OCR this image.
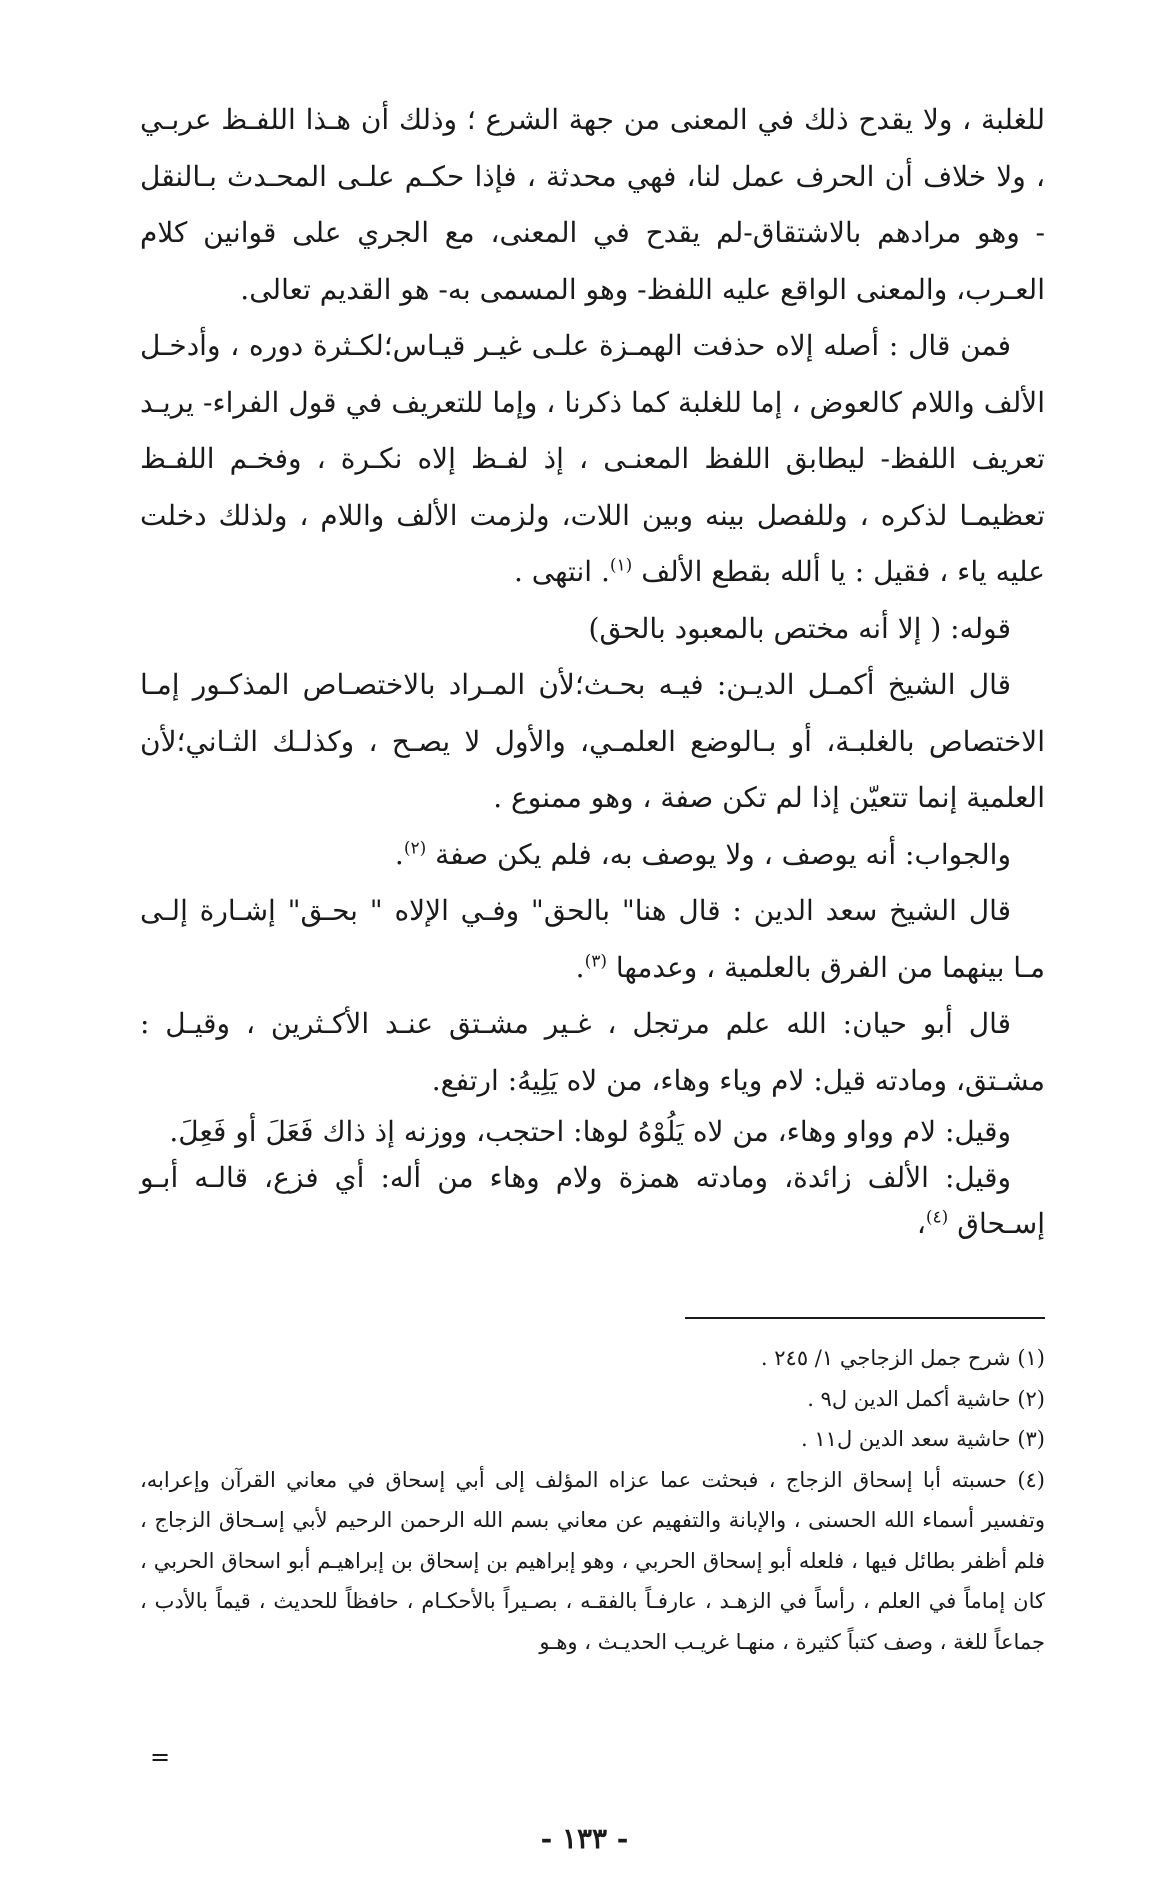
للغلبة ، ولا يقدح ذلك في المعنى من جهة الشرع ؛ وذلك أن هـذا اللفـظ عربـي ، ولا خلاف أن الحرف عمل لنا، فهي محدثة ، فإذا حكـم علـى المحـدث بـالنقل - وهو مرادهم بالاشتقاق-لم يقدح في المعنى، مع الجري على قوانين كلام العـرب، والمعنى الواقع عليه اللفظ- وهو المسمى به- هو القديم تعالى.

فمن قال : أصله إلاه حذفت الهمـزة علـى غيـر قيـاس؛لكـثرة دوره ، وأدخـل الألف واللام كالعوض ، إما للغلبة كما ذكرنا ، وإما للتعريف في قول الفراء- يريـد تعريف اللفظ- ليطابق اللفظ المعنـى ، إذ لفـظ إلاه نكـرة ، وفخـم اللفـظ تعظيمـا لذكره ، وللفصل بينه وبين اللات، ولزمت الألف واللام ، ولذلك دخلت عليه ياء ، فقيل : يا ألله بقطع الألف $^{(١)}$. انتهى .

قوله: ( إلا أنه مختص بالمعبود بالحق)

قال الشيخ أكمـل الديـن: فيـه بحـث؛لأن المـراد بالاختصـاص المذكـور إمـا الاختصاص بالغلبـة، أو بـالوضع العلمـي، والأول لا يصـح ، وكذلـك الثـاني؛لأن العلمية إنما تتعيّن إذا لم تكن صفة ، وهو ممنوع .

والجواب: أنه يوصف ، ولا يوصف به، فلم يكن صفة $^{(٢)}$.

قال الشيخ سعد الدين : قال هنا" بالحق" وفـي الإلاه " بحـق" إشـارة إلـى مـا بينهما من الفرق بالعلمية ، وعدمها $^{(٣)}$.

قال أبو حيان: الله علم مرتجل ، غـير مشـتق عنـد الأكـثرين ، وقيـل : مشـتق، ومادته قيل: لام وياء وهاء، من لاه يَلِيهُ: ارتفع.

وقيل: لام وواو وهاء، من لاه يَلُوْهُ لوها: احتجب، ووزنه إذ ذاك فَعَلَ أو فَعِلَ.

وقيل: الألف زائدة، ومادته همزة ولام وهاء من أله: أي فزع، قالـه أبـو إسـحاق $^{(٤)}$،

(١) شرح جمل الزجاجي ١/ ٢٤٥ .

(٢) حاشية أكمل الدين ل٩ .

(٣) حاشية سعد الدين ل١١ .

(٤) حسبته أبا إسحاق الزجاج ، فبحثت عما عزاه المؤلف إلى أبي إسحاق في معاني القرآن وإعرابه، وتفسير أسماء الله الحسنى ، والإبانة والتفهيم عن معاني بسم الله الرحمن الرحيم لأبي إسـحاق الزجاج ، فلم أظفر بطائل فيها ، فلعله أبو إسحاق الحربي ، وهو إبراهيم بن إسحاق بن إبراهيـم أبو اسحاق الحربي ، كان إماماً في العلم ، رأساً في الزهـد ، عارفـاً بالفقـه ، بصـيراً بالأحكـام ، حافظاً للحديث ، قيماً بالأدب ، جماعاً للغة ، وصف كتباً كثيرة ، منهـا غريـب الحديـث ، وهـو

=
- ١٣٣ -
